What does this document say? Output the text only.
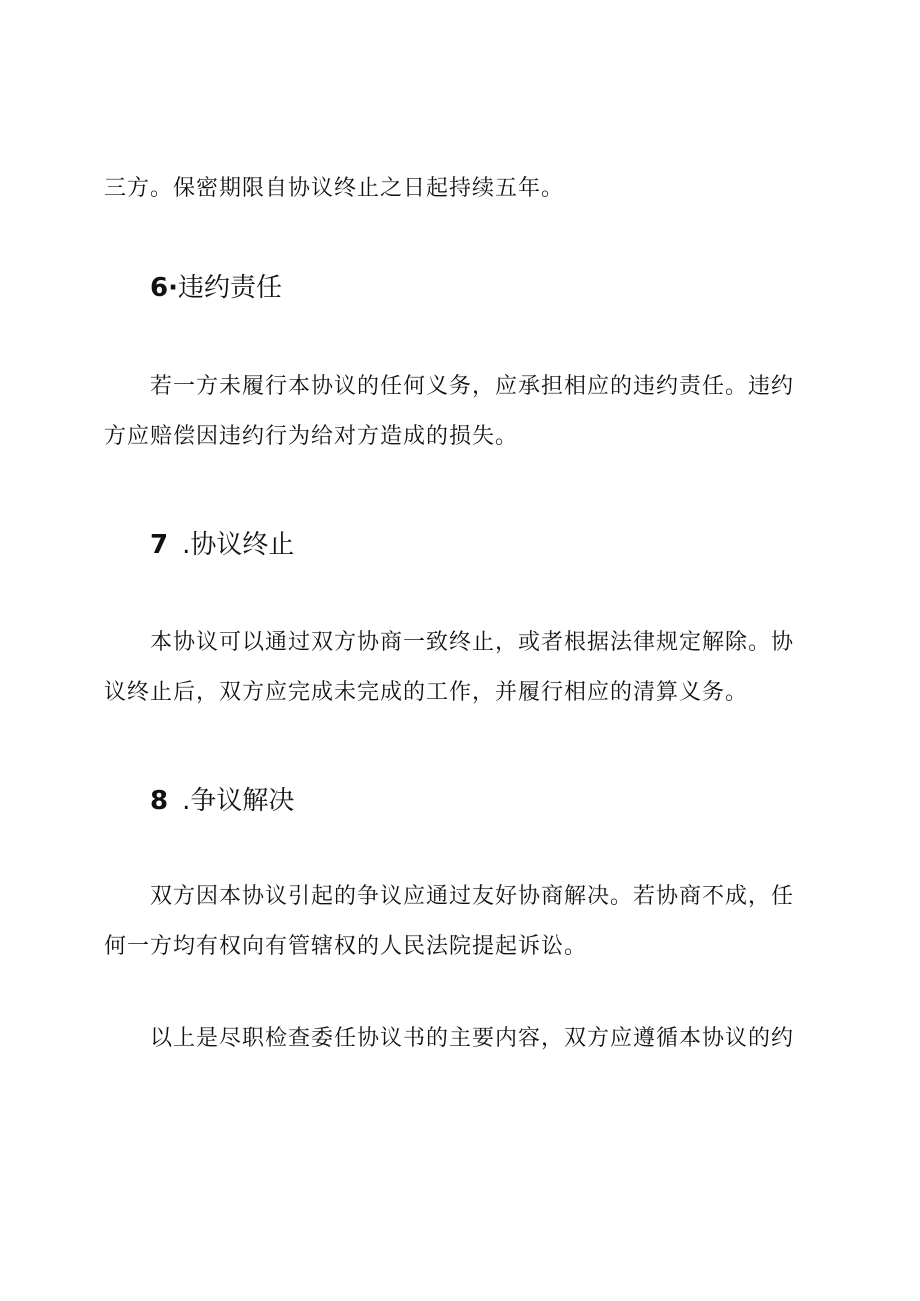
三方。保密期限自协议终止之日起持续五年。
6·违约责任
若一方未履行本协议的任何义务，应承担相应的违约责任。违约
方应赔偿因违约行为给对方造成的损失。
7 .协议终止
本协议可以通过双方协商一致终止，或者根据法律规定解除。协
议终止后，双方应完成未完成的工作，并履行相应的清算义务。
8 .争议解决
双方因本协议引起的争议应通过友好协商解决。若协商不成，任
何一方均有权向有管辖权的人民法院提起诉讼。
以上是尽职检查委任协议书的主要内容，双方应遵循本协议的约
